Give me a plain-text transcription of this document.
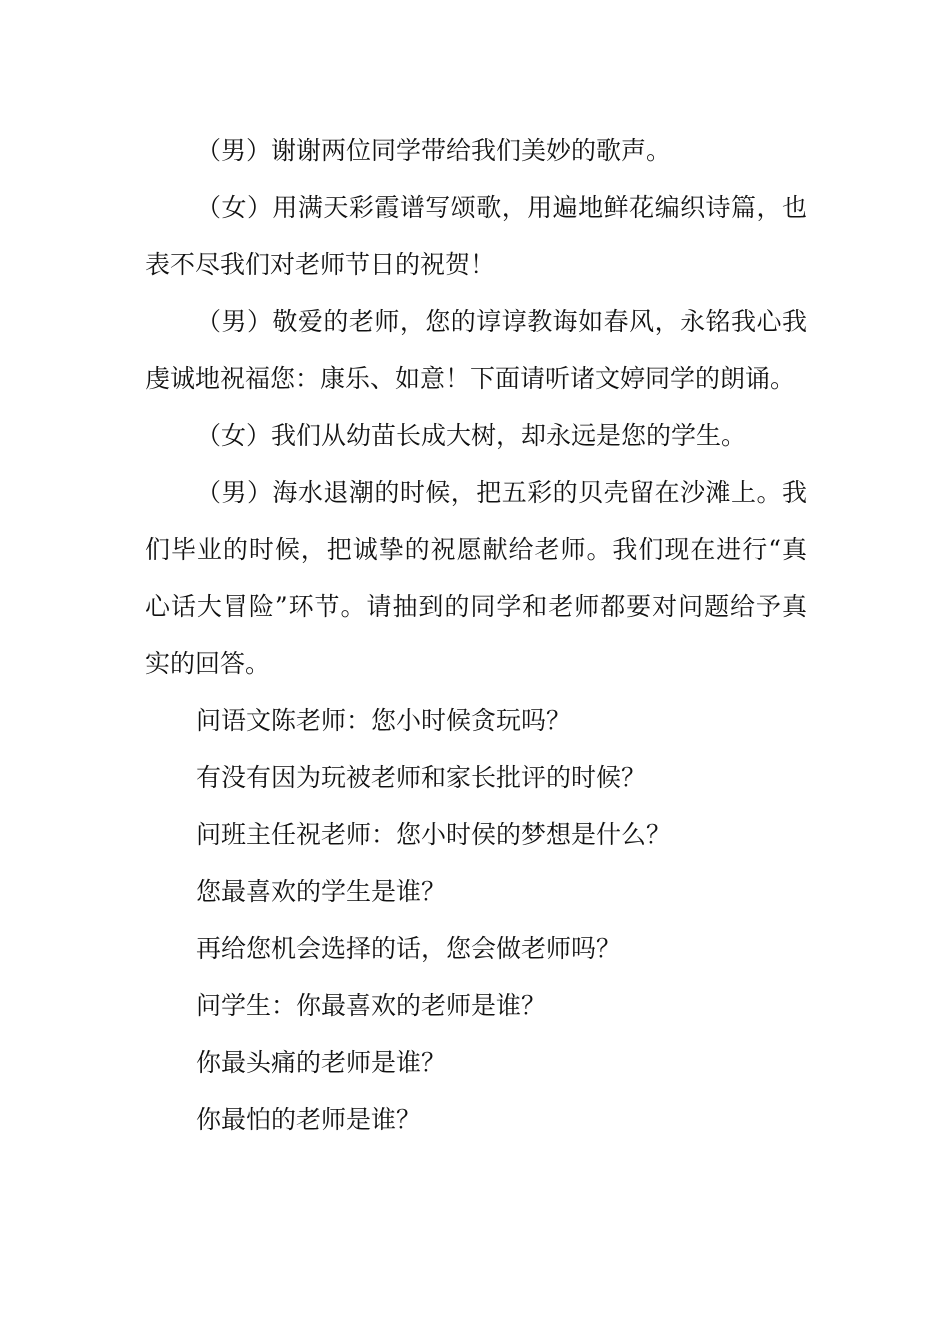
（男）谢谢两位同学带给我们美妙的歌声。

（女）用满天彩霞谱写颂歌，用遍地鲜花编织诗篇，也表不尽我们对老师节日的祝贺！

（男）敬爱的老师，您的谆谆教诲如春风，永铭我心我虔诚地祝福您：康乐、如意！下面请听诸文婷同学的朗诵。

（女）我们从幼苗长成大树，却永远是您的学生。

（男）海水退潮的时候，把五彩的贝壳留在沙滩上。我们毕业的时候，把诚挚的祝愿献给老师。我们现在进行“真心话大冒险”环节。请抽到的同学和老师都要对问题给予真实的回答。

问语文陈老师：您小时候贪玩吗？

有没有因为玩被老师和家长批评的时候？

问班主任祝老师：您小时侯的梦想是什么？

您最喜欢的学生是谁？

再给您机会选择的话，您会做老师吗？

问学生：你最喜欢的老师是谁？

你最头痛的老师是谁？

你最怕的老师是谁？
